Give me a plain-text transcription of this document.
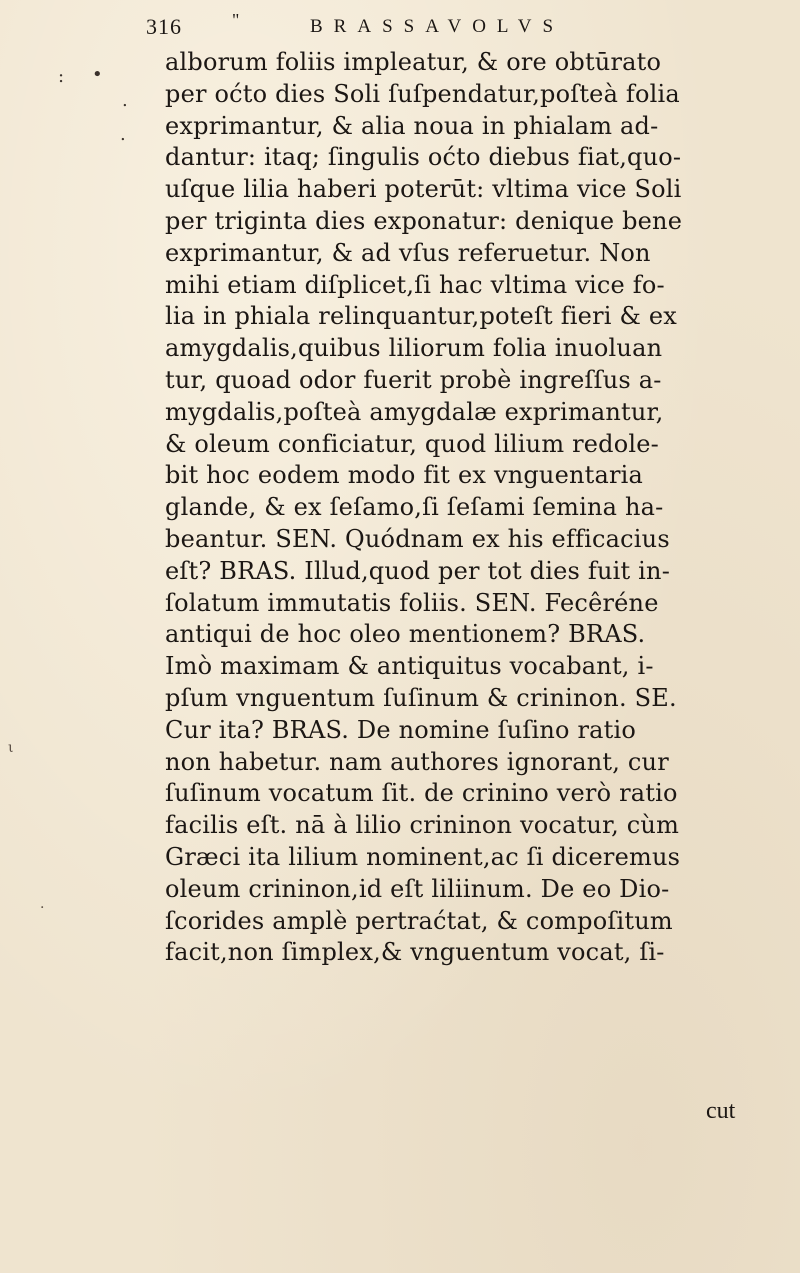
316	"	BRASSAVOLVS
: •
.
.
alborum foliis impleatur, & ore obtūrato
per oćto dies Soli ſuſpendatur,poſteà folia
exprimantur, & alia noua in phialam ad-
dantur: itaq; ſingulis oćto diebus fiat,quo-
uſque lilia haberi poterūt: vltima vice Soli
per triginta dies exponatur: denique bene
exprimantur, & ad vſus referuetur. Non
mihi etiam diſplicet,ſi hac vltima vice fo-
lia in phiala relinquantur,poteſt fieri & ex
amygdalis,quibus liliorum folia inuoluan
tur, quoad odor fuerit probè ingreſſus a-
mygdalis,poſteà amygdalæ exprimantur,
& oleum conficiatur, quod lilium redole-
bit hoc eodem modo fit ex vnguentaria
glande, & ex ſeſamo,ſi ſeſami ſemina ha-
beantur. SEN. Quódnam ex his efficacius
eſt? BRAS. Illud,quod per tot dies fuit in-
ſolatum immutatis foliis. SEN. Fecêréne
antiqui de hoc oleo mentionem? BRAS.
Imò maximam & antiquitus vocabant, i-
pſum vnguentum ſuſinum & crininon. SE.
Cur ita? BRAS. De nomine ſuſino ratio
non habetur. nam authores ignorant, cur
ſuſinum vocatum ſit. de crinino verò ratio
facilis eſt. nā à lilio crininon vocatur, cùm
Græci ita lilium nominent,ac ſi diceremus
oleum crininon,id eſt liliinum. De eo Dio-
ſcorides amplè pertraćtat, & compoſitum
facit,non ſimplex,& vnguentum vocat, ſi-
cut
ι
·
